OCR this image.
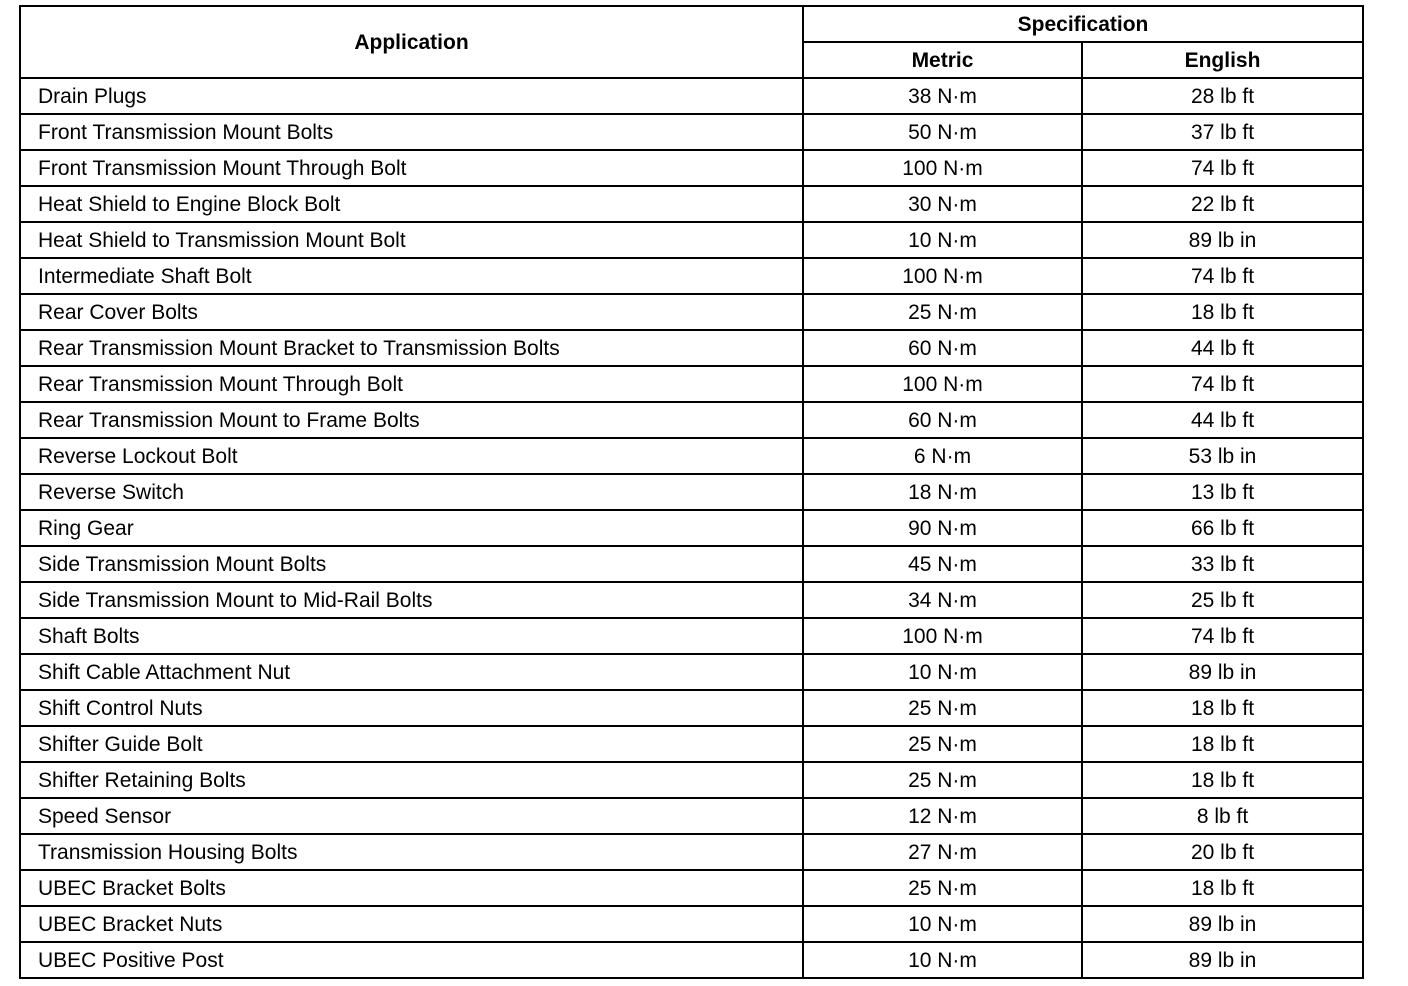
Application	Specification	
	Metric	English
Drain Plugs	38 N·m	28 lb ft
Front Transmission Mount Bolts	50 N·m	37 lb ft
Front Transmission Mount Through Bolt	100 N·m	74 lb ft
Heat Shield to Engine Block Bolt	30 N·m	22 lb ft
Heat Shield to Transmission Mount Bolt	10 N·m	89 lb in
Intermediate Shaft Bolt	100 N·m	74 lb ft
Rear Cover Bolts	25 N·m	18 lb ft
Rear Transmission Mount Bracket to Transmission Bolts	60 N·m	44 lb ft
Rear Transmission Mount Through Bolt	100 N·m	74 lb ft
Rear Transmission Mount to Frame Bolts	60 N·m	44 lb ft
Reverse Lockout Bolt	6 N·m	53 lb in
Reverse Switch	18 N·m	13 lb ft
Ring Gear	90 N·m	66 lb ft
Side Transmission Mount Bolts	45 N·m	33 lb ft
Side Transmission Mount to Mid-Rail Bolts	34 N·m	25 lb ft
Shaft Bolts	100 N·m	74 lb ft
Shift Cable Attachment Nut	10 N·m	89 lb in
Shift Control Nuts	25 N·m	18 lb ft
Shifter Guide Bolt	25 N·m	18 lb ft
Shifter Retaining Bolts	25 N·m	18 lb ft
Speed Sensor	12 N·m	8 lb ft
Transmission Housing Bolts	27 N·m	20 lb ft
UBEC Bracket Bolts	25 N·m	18 lb ft
UBEC Bracket Nuts	10 N·m	89 lb in
UBEC Positive Post	10 N·m	89 lb in
